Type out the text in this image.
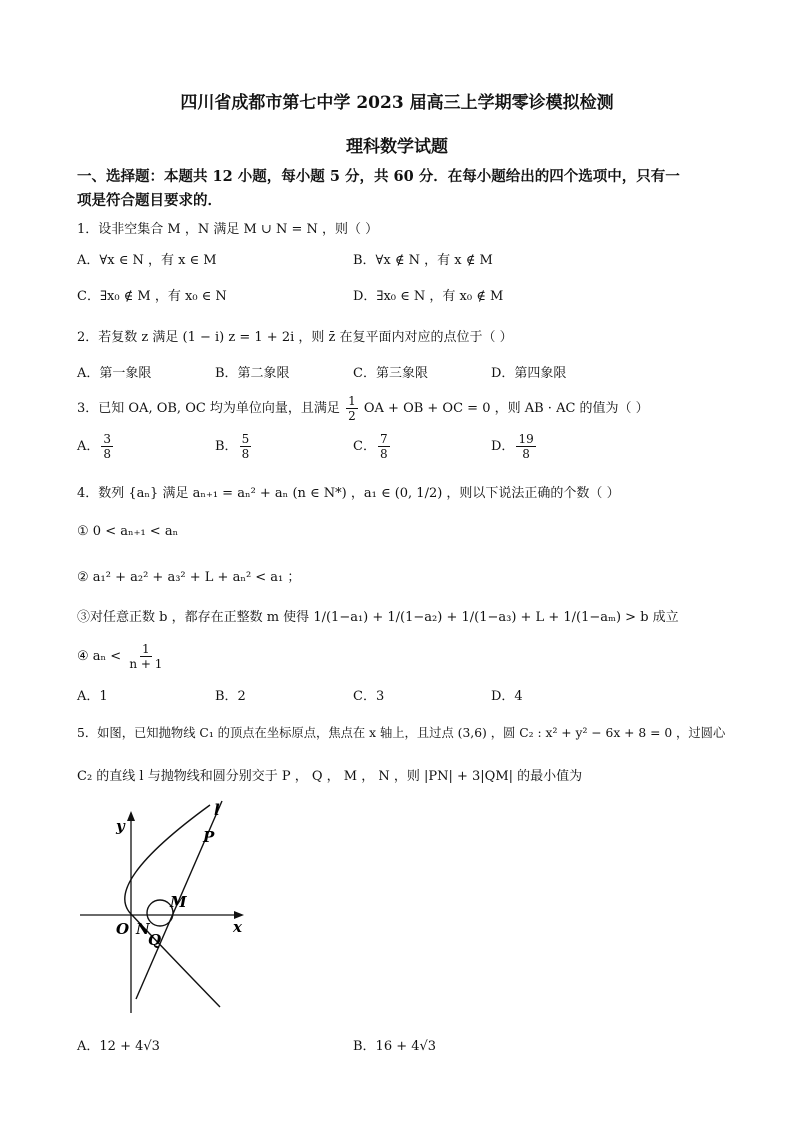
四川省成都市第七中学 2023 届高三上学期零诊模拟检测
理科数学试题
一、选择题：本题共 12 小题，每小题 5 分，共 60 分．在每小题给出的四个选项中，只有一
项是符合题目要求的．
1．设非空集合 M ，N 满足 M ∪ N = N ，则（ ）
A．∀x ∈ N ，有 x ∈ M	B．∀x ∉ N ，有 x ∉ M
C．∃x₀ ∉ M ，有 x₀ ∈ N	D．∃x₀ ∈ N ，有 x₀ ∉ M
2．若复数 z 满足 (1 − i) z = 1 + 2i ，则 z̄ 在复平面内对应的点位于（ ）
A．第一象限	B．第二象限	C．第三象限	D．第四象限
3．已知 OA, OB, OC 均为单位向量，且满足 $\frac{1}{2}$ OA + OB + OC = 0 ，则 AB · AC 的值为（ ）
A． $\frac{3}{8}$	B． $\frac{5}{8}$	C． $\frac{7}{8}$	D． $\frac{19}{8}$
4．数列 {aₙ} 满足 aₙ₊₁ = aₙ² + aₙ (n ∈ N*) ，a₁ ∈ (0, 1/2) ，则以下说法正确的个数（ ）
① 0 < aₙ₊₁ < aₙ
② a₁² + a₂² + a₃² + L + aₙ² < a₁ ；
③对任意正数 b ，都存在正整数 m 使得 1/(1−a₁) + 1/(1−a₂) + 1/(1−a₃) + L + 1/(1−aₘ) > b 成立
④ $a_n < \frac{1}{n + 1}$
A．1	B．2	C．3	D．4
5．如图，已知抛物线 C₁ 的顶点在坐标原点，焦点在 x 轴上，且过点 (3,6) ，圆 C₂ : x² + y² − 6x + 8 = 0 ，过圆心
C₂ 的直线 l 与抛物线和圆分别交于 P ， Q ， M ， N ，则 |PN| + 3|QM| 的最小值为
y
x
O
l
P
M
N
Q
A．12 + 4√3	B．16 + 4√3
